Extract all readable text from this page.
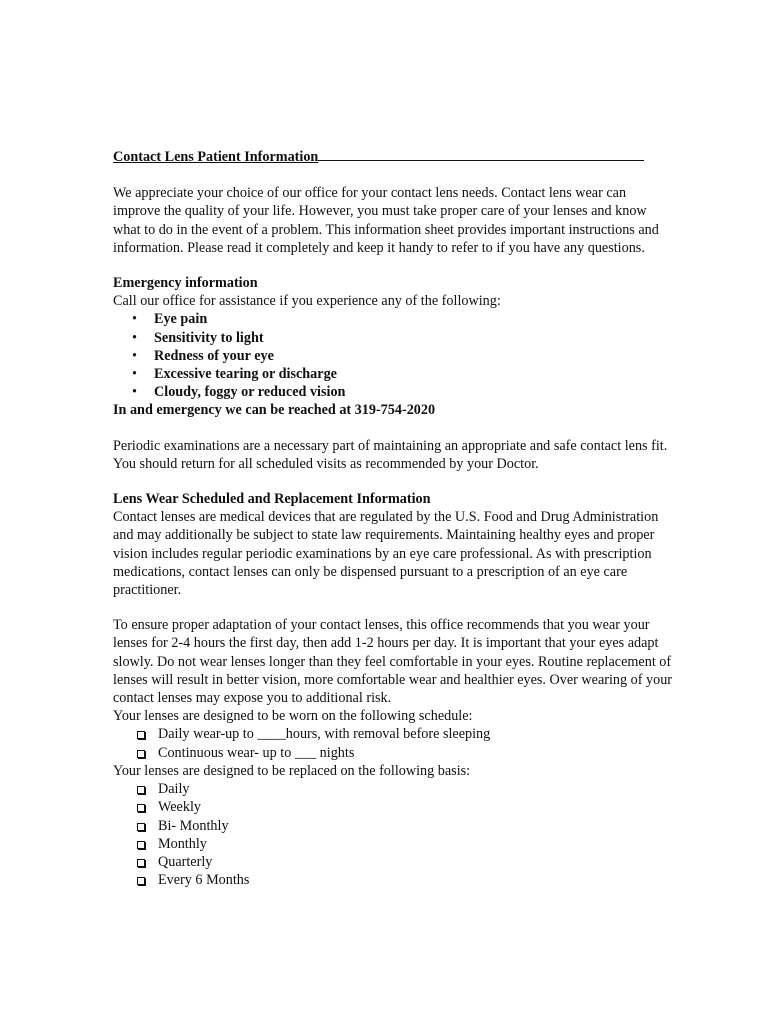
Contact Lens Patient Information

We appreciate your choice of our office for your contact lens needs. Contact lens wear can improve the quality of your life. However, you must take proper care of your lenses and know what to do in the event of a problem. This information sheet provides important instructions and information. Please read it completely and keep it handy to refer to if you have any questions.

Emergency information

Call our office for assistance if you experience any of the following:

• Eye pain
• Sensitivity to light
• Redness of your eye
• Excessive tearing or discharge
• Cloudy, foggy or reduced vision

In and emergency we can be reached at 319-754-2020

Periodic examinations are a necessary part of maintaining an appropriate and safe contact lens fit. You should return for all scheduled visits as recommended by your Doctor.

Lens Wear Scheduled and Replacement Information

Contact lenses are medical devices that are regulated by the U.S. Food and Drug Administration and may additionally be subject to state law requirements. Maintaining healthy eyes and proper vision includes regular periodic examinations by an eye care professional. As with prescription medications, contact lenses can only be dispensed pursuant to a prescription of an eye care practitioner.

To ensure proper adaptation of your contact lenses, this office recommends that you wear your lenses for 2-4 hours the first day, then add 1-2 hours per day. It is important that your eyes adapt slowly. Do not wear lenses longer than they feel comfortable in your eyes. Routine replacement of lenses will result in better vision, more comfortable wear and healthier eyes. Over wearing of your contact lenses may expose you to additional risk.

Your lenses are designed to be worn on the following schedule:

Daily wear-up to ____hours, with removal before sleeping
Continuous wear- up to ___ nights

Your lenses are designed to be replaced on the following basis:

Daily
Weekly
Bi- Monthly
Monthly
Quarterly
Every 6 Months
